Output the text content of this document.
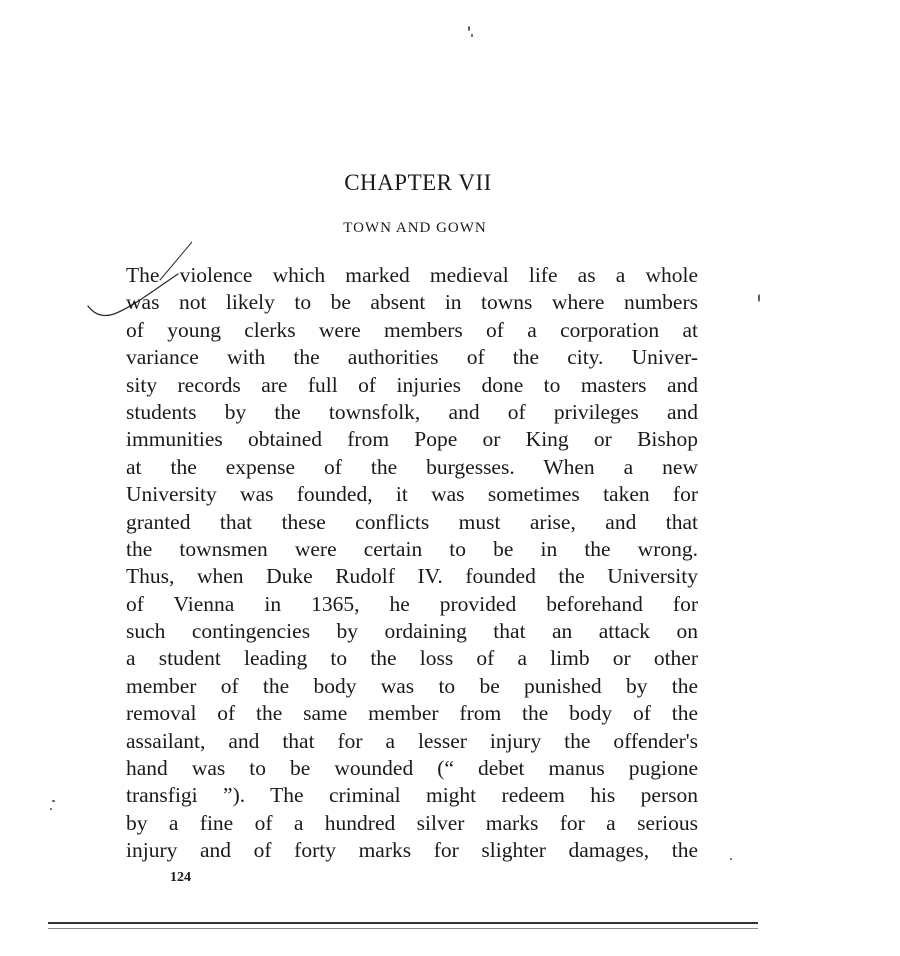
CHAPTER VII
TOWN AND GOWN
The violence which marked medieval life as a whole
was not likely to be absent in towns where numbers
of young clerks were members of a corporation at
variance with the authorities of the city. Univer-
sity records are full of injuries done to masters and
students by the townsfolk, and of privileges and
immunities obtained from Pope or King or Bishop
at the expense of the burgesses. When a new
University was founded, it was sometimes taken for
granted that these conflicts must arise, and that
the townsmen were certain to be in the wrong.
Thus, when Duke Rudolf IV. founded the University
of Vienna in 1365, he provided beforehand for
such contingencies by ordaining that an attack on
a student leading to the loss of a limb or other
member of the body was to be punished by the
removal of the same member from the body of the
assailant, and that for a lesser injury the offender's
hand was to be wounded (“ debet manus pugione
transfigi ”). The criminal might redeem his person
by a fine of a hundred silver marks for a serious
injury and of forty marks for slighter damages, the
124
